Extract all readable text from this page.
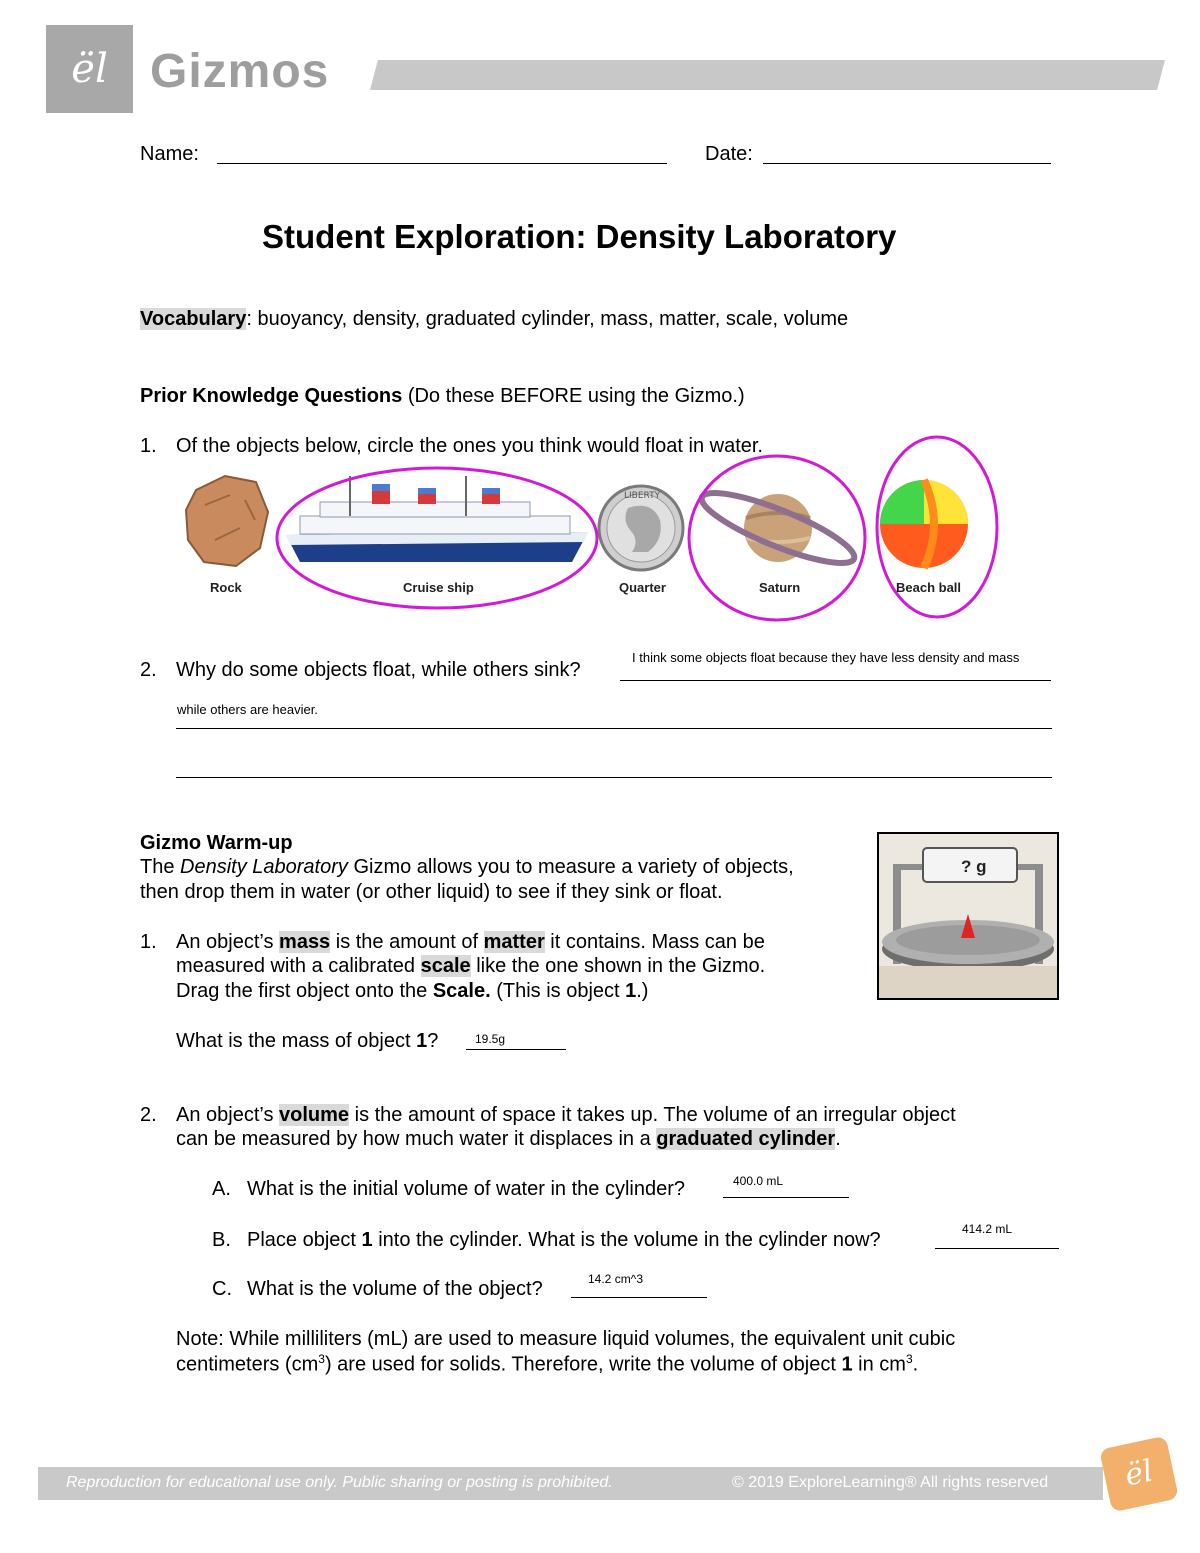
ël Gizmos
Name:	Date:
Student Exploration: Density Laboratory
Vocabulary: buoyancy, density, graduated cylinder, mass, matter, scale, volume
Prior Knowledge Questions (Do these BEFORE using the Gizmo.)
1. Of the objects below, circle the ones you think would float in water.
LIBERTY
Rock	Cruise ship	Quarter	Saturn	Beach ball
2. Why do some objects float, while others sink?
I think some objects float because they have less density and mass
while others are heavier.
Gizmo Warm-up
The Density Laboratory Gizmo allows you to measure a variety of objects,
then drop them in water (or other liquid) to see if they sink or float.
? g
1. An object’s mass is the amount of matter it contains. Mass can be
measured with a calibrated scale like the one shown in the Gizmo.
Drag the first object onto the Scale. (This is object 1.)
What is the mass of object 1?	19.5g
2. An object’s volume is the amount of space it takes up. The volume of an irregular object
can be measured by how much water it displaces in a graduated cylinder.
A. What is the initial volume of water in the cylinder?	400.0 mL
B. Place object 1 into the cylinder. What is the volume in the cylinder now?	414.2 mL
C. What is the volume of the object?	14.2 cm^3
Note: While milliliters (mL) are used to measure liquid volumes, the equivalent unit cubic
centimeters $(cm^3)$ are used for solids. Therefore, write the volume of object 1 in $cm^3$.
Reproduction for educational use only. Public sharing or posting is prohibited.	© 2019 ExploreLearning® All rights reserved	ël
